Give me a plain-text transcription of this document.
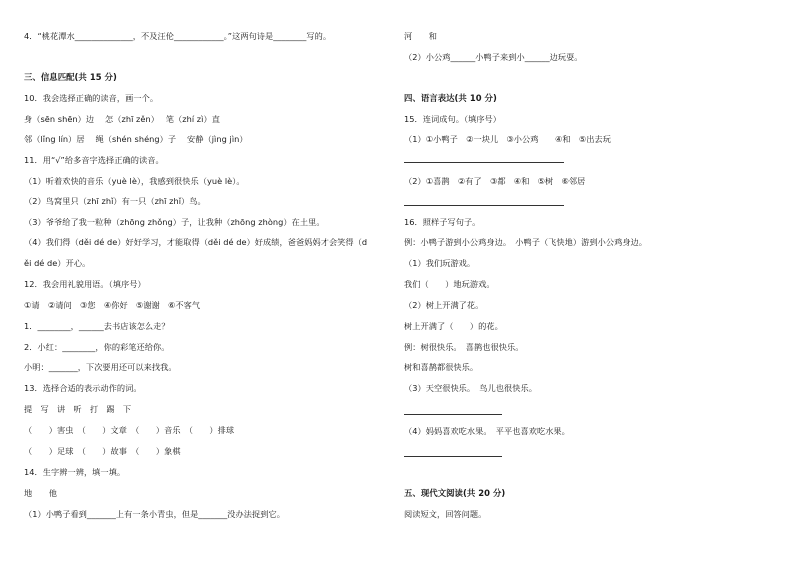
4．“桃花潭水______________，不及汪伦____________。”这两句诗是________写的。
三、信息匹配(共 15 分)
10．我会选择正确的读音，画一个。
身（sēn shēn）边　 怎（zhī zěn）　 笔（zhí zì）直
邻（lǐng lín）居　 绳（shén shéng）子　 安静（jìng jìn）
11．用“√”给多音字选择正确的读音。
（1）听着欢快的音乐（yuè lè），我感到很快乐（yuè lè）。
（2）鸟窝里只（zhī zhǐ）有一只（zhī zhǐ）鸟。
（3）爷爷给了我一粒种（zhōng zhǒng）子，让我种（zhōng zhòng）在土里。
（4）我们得（děi dé de）好好学习，才能取得（děi dé de）好成绩，爸爸妈妈才会笑得（d
ěi dé de）开心。
12．我会用礼貌用语。（填序号）
①请　②请问　③您　④你好　⑤谢谢　⑥不客气
1．________，______去书店该怎么走？
2．小红：________，你的彩笔还给你。
小明：_______，下次要用还可以来找我。
13．选择合适的表示动作的词。
提　写　讲　听　打　踢　下
（　　）害虫　（　　）文章　（　　）音乐　（　　）排球
（　　）足球　（　　）故事　（　　）象棋
14．生字辨一辨，填一填。
地　　他
（1）小鸭子看到_______上有一条小青虫，但是_______没办法捉到它。
河　　和
（2）小公鸡______小鸭子来到小______边玩耍。
四、语言表达(共 10 分)
15．连词成句。（填序号）
（1）①小鸭子　②一块儿　③小公鸡　　④和　⑤出去玩
（2）①喜鹊　②有了　③都　④和　⑤树　⑥邻居
16．照样子写句子。
例：小鸭子游到小公鸡身边。　小鸭子（飞快地）游到小公鸡身边。
（1）我们玩游戏。
我们（　　）地玩游戏。
（2）树上开满了花。
树上开满了（　　）的花。
例：树很快乐。　喜鹊也很快乐。
树和喜鹊都很快乐。
（3）天空很快乐。　鸟儿也很快乐。
（4）妈妈喜欢吃水果。　平平也喜欢吃水果。
五、现代文阅读(共 20 分)
阅读短文，回答问题。
